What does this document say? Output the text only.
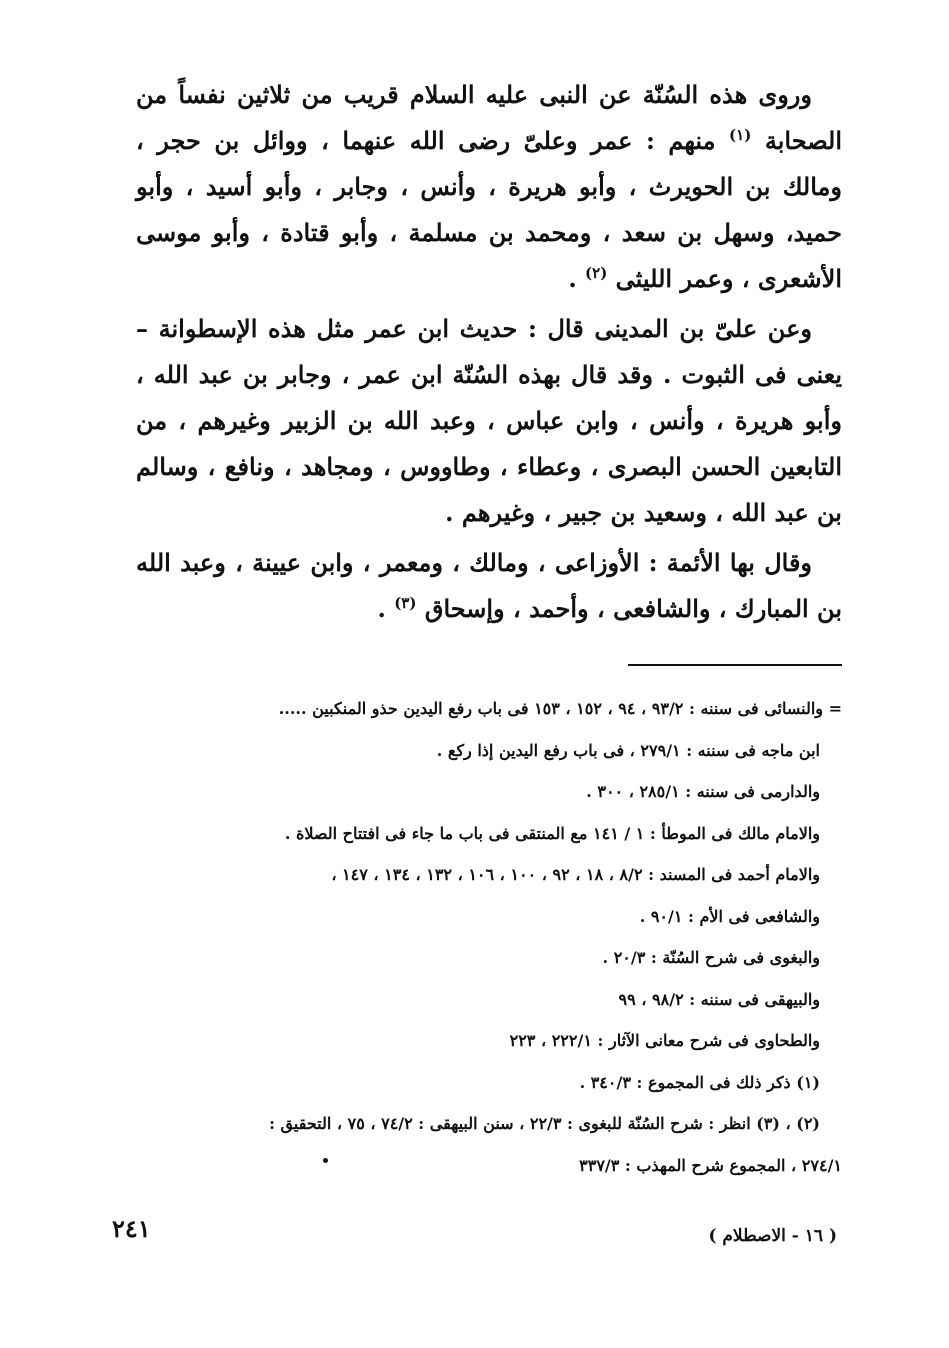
وروى هذه السُنّة عن النبى عليه السلام قريب من ثلاثين نفساً من الصحابة $^{(١)}$ منهم : عمر وعلىّ رضى الله عنهما ، ووائل بن حجر ، ومالك بن الحويرث ، وأبو هريرة ، وأنس ، وجابر ، وأبو أسيد ، وأبو حميد، وسهل بن سعد ، ومحمد بن مسلمة ، وأبو قتادة ، وأبو موسى الأشعرى ، وعمر الليثى $^{(٢)}$ .

وعن علىّ بن المدينى قال : حديث ابن عمر مثل هذه الإسطوانة – يعنى فى الثبوت . وقد قال بهذه السُنّة ابن عمر ، وجابر بن عبد الله ، وأبو هريرة ، وأنس ، وابن عباس ، وعبد الله بن الزبير وغيرهم ، من التابعين الحسن البصرى ، وعطاء ، وطاووس ، ومجاهد ، ونافع ، وسالم بن عبد الله ، وسعيد بن جبير ، وغيرهم .

وقال بها الأئمة : الأوزاعى ، ومالك ، ومعمر ، وابن عيينة ، وعبد الله بن المبارك ، والشافعى ، وأحمد ، وإسحاق $^{(٣)}$ .

= والنسائى فى سننه : ٩٣/٢ ، ٩٤ ، ١٥٢ ، ١٥٣ فى باب رفع اليدين حذو المنكبين .....
ابن ماجه فى سننه : ٢٧٩/١ ، فى باب رفع اليدين إذا ركع .
والدارمى فى سننه : ٢٨٥/١ ، ٣٠٠ .
والامام مالك فى الموطأ : ١ / ١٤١ مع المنتقى فى باب ما جاء فى افتتاح الصلاة .
والامام أحمد فى المسند : ٨/٢ ، ١٨ ، ٩٢ ، ١٠٠ ، ١٠٦ ، ١٣٢ ، ١٣٤ ، ١٤٧ ،
والشافعى فى الأم : ٩٠/١ .
والبغوى فى شرح السُنّة : ٢٠/٣ .
والبيهقى فى سننه : ٩٨/٢ ، ٩٩
والطحاوى فى شرح معانى الآثار : ٢٢٢/١ ، ٢٢٣
(١) ذكر ذلك فى المجموع : ٣٤٠/٣ .
(٢) ، (٣) انظر : شرح السُنّة للبغوى : ٢٢/٣ ، سنن البيهقى : ٧٤/٢ ، ٧٥ ، التحقيق :
٢٧٤/١ ، المجموع شرح المهذب : ٣٣٧/٣
٢٤١	( ١٦ - الاصطلام )
